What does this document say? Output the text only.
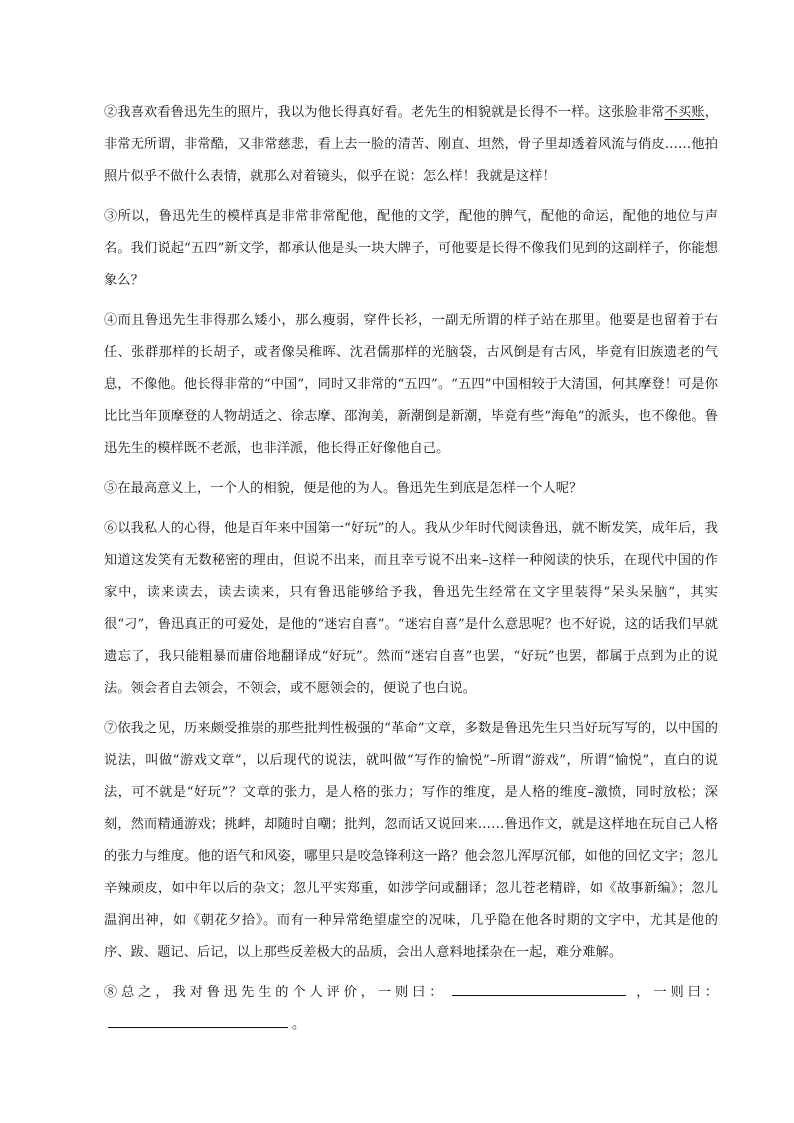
②我喜欢看鲁迅先生的照片，我以为他长得真好看。老先生的相貌就是长得不一样。这张脸非常不买账，非常无所谓，非常酷，又非常慈悲，看上去一脸的清苦、刚直、坦然，骨子里却透着风流与俏皮……他拍照片似乎不做什么表情，就那么对着镜头，似乎在说：怎么样！我就是这样！

③所以，鲁迅先生的模样真是非常非常配他，配他的文学，配他的脾气，配他的命运，配他的地位与声名。我们说起“五四”新文学，都承认他是头一块大牌子，可他要是长得不像我们见到的这副样子，你能想象么？

④而且鲁迅先生非得那么矮小，那么瘦弱，穿件长衫，一副无所谓的样子站在那里。他要是也留着于右任、张群那样的长胡子，或者像吴稚晖、沈君儒那样的光脑袋，古风倒是有古风，毕竟有旧族遗老的气息，不像他。他长得非常的“中国”，同时又非常的“五四”。“五四”中国相较于大清国，何其摩登！可是你比比当年顶摩登的人物胡适之、徐志摩、邵洵美，新潮倒是新潮，毕竟有些“海龟”的派头，也不像他。鲁迅先生的模样既不老派，也非洋派，他长得正好像他自己。

⑤在最高意义上，一个人的相貌，便是他的为人。鲁迅先生到底是怎样一个人呢？

⑥以我私人的心得，他是百年来中国第一“好玩”的人。我从少年时代阅读鲁迅，就不断发笑，成年后，我知道这发笑有无数秘密的理由，但说不出来，而且幸亏说不出来–这样一种阅读的快乐，在现代中国的作家中，读来读去，读去读来，只有鲁迅能够给予我，鲁迅先生经常在文字里装得“呆头呆脑”，其实很“刁”，鲁迅真正的可爱处，是他的“迷宕自喜”。“迷宕自喜”是什么意思呢？也不好说，这的话我们早就遗忘了，我只能粗暴而庸俗地翻译成“好玩”。然而“迷宕自喜”也罢，“好玩”也罢，都属于点到为止的说法。领会者自去领会，不领会，或不愿领会的，便说了也白说。

⑦依我之见，历来颇受推崇的那些批判性极强的“革命”文章，多数是鲁迅先生只当好玩写写的，以中国的说法，叫做“游戏文章”，以后现代的说法，就叫做“写作的愉悦”–所谓“游戏”，所谓“愉悦”，直白的说法，可不就是“好玩”？文章的张力，是人格的张力；写作的维度，是人格的维度–激愤，同时放松；深刻，然而精通游戏；挑衅，却随时自嘲；批判，忽而话又说回来……鲁迅作文，就是这样地在玩自己人格的张力与维度。他的语气和风姿，哪里只是咬急锋利这一路？他会忽儿浑厚沉郁，如他的回忆文字；忽儿辛辣顽皮，如中年以后的杂文；忽儿平实郑重，如涉学问或翻译；忽儿苍老精辟，如《故事新编》；忽儿温润出神，如《朝花夕拾》。而有一种异常绝望虚空的况味，几乎隐在他各时期的文字中，尤其是他的序、跋、题记、后记，以上那些反差极大的品质，会出人意料地揉杂在一起，难分难解。

⑧总之，我对鲁迅先生的个人评价，一则曰：	，一则曰：。
